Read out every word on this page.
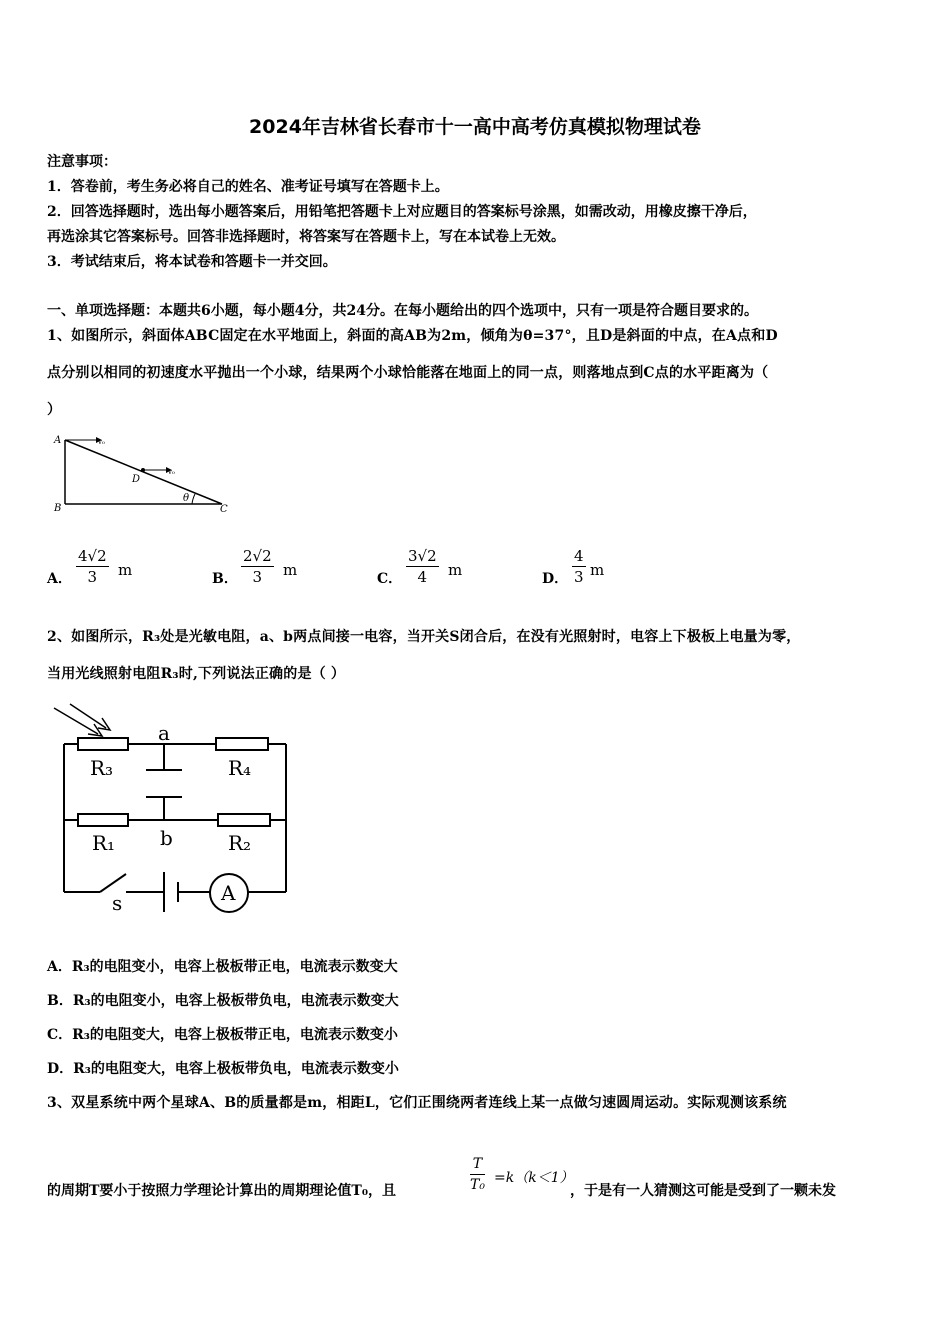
2024年吉林省长春市十一高中高考仿真模拟物理试卷
注意事项：
1．答卷前，考生务必将自己的姓名、准考证号填写在答题卡上。
2．回答选择题时，选出每小题答案后，用铅笔把答题卡上对应题目的答案标号涂黑，如需改动，用橡皮擦干净后，
再选涂其它答案标号。回答非选择题时，将答案写在答题卡上，写在本试卷上无效。
3．考试结束后，将本试卷和答题卡一并交回。
一、单项选择题：本题共6小题，每小题4分，共24分。在每小题给出的四个选项中，只有一项是符合题目要求的。
1、如图所示，斜面体ABC固定在水平地面上，斜面的高AB为2m，倾角为θ=37°，且D是斜面的中点，在A点和D
点分别以相同的初速度水平抛出一个小球，结果两个小球恰能落在地面上的同一点，则落地点到C点的水平距离为（
）
A
B	C
D
θ
v₀
v₀
A． $\frac{4√2}{3}$ m	B． $\frac{2√2}{3}$ m	C． $\frac{3√2}{4}$ m	D． $\frac{4}{3}$ m
2、如图所示，R₃处是光敏电阻，a、b两点间接一电容，当开关S闭合后，在没有光照射时，电容上下极板上电量为零，
当用光线照射电阻R₃时,下列说法正确的是（ ）
R₃
a
R₄
R₁ b	R₂
s	A
A．R₃的电阻变小，电容上极板带正电，电流表示数变大
B．R₃的电阻变小，电容上极板带负电，电流表示数变大
C．R₃的电阻变大，电容上极板带正电，电流表示数变小
D．R₃的电阻变大，电容上极板带负电，电流表示数变小
3、双星系统中两个星球A、B的质量都是m，相距L，它们正围绕两者连线上某一点做匀速圆周运动。实际观测该系统
的周期T要小于按照力学理论计算出的周期理论值T₀，且	$\frac{T}{\text{T₀}} =k(k<1)$
，于是有一人猜测这可能是受到了一颗未发
